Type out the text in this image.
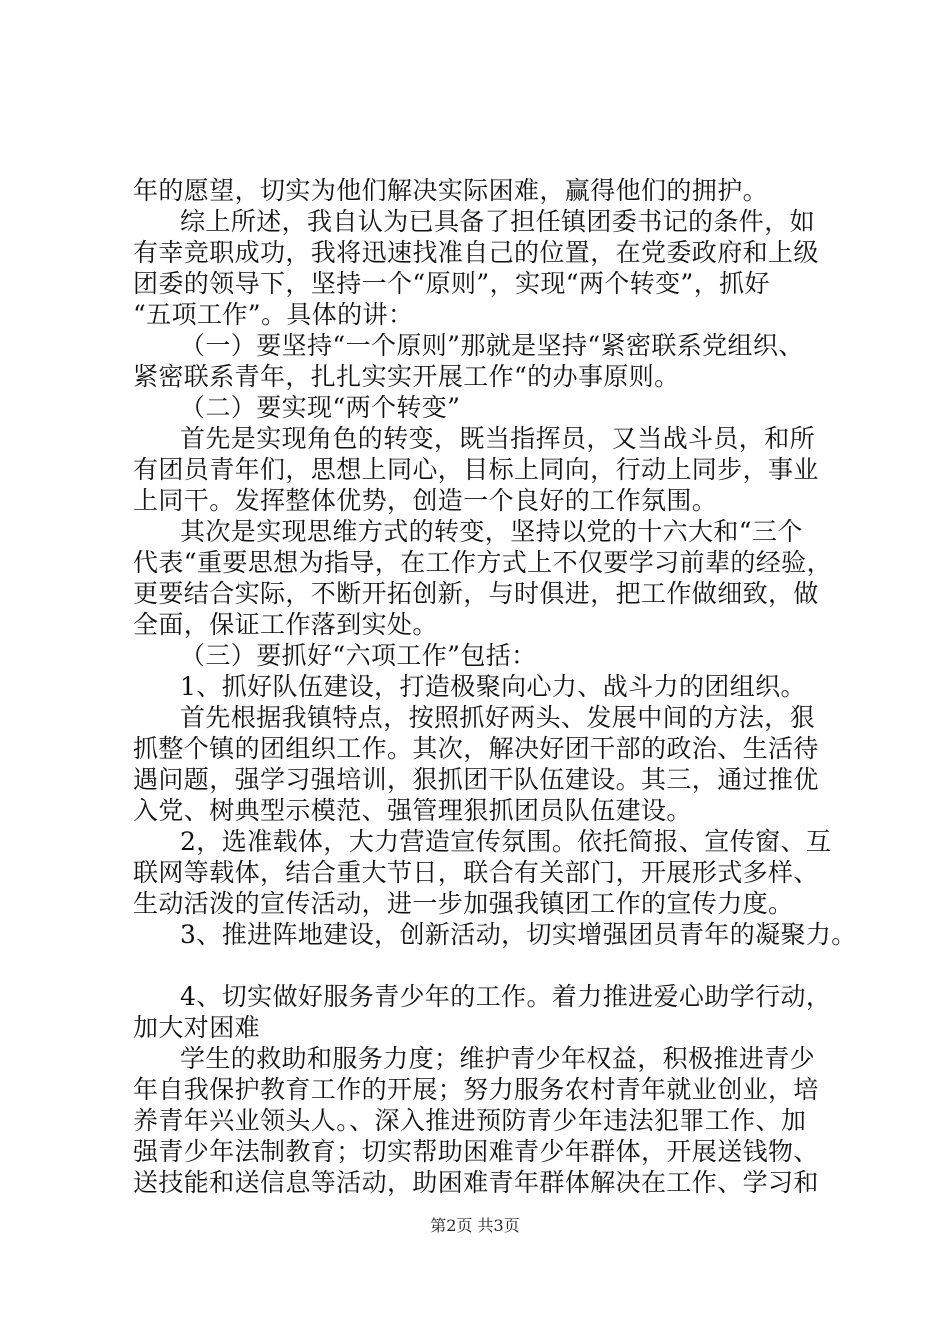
年的愿望，切实为他们解决实际困难，赢得他们的拥护。
综上所述，我自认为已具备了担任镇团委书记的条件，如
有幸竞职成功，我将迅速找准自己的位置，在党委政府和上级
团委的领导下，坚持一个“原则”，实现“两个转变”，抓好
“五项工作”。具体的讲：
（一）要坚持“一个原则”那就是坚持“紧密联系党组织、
紧密联系青年，扎扎实实开展工作“的办事原则。
（二）要实现“两个转变”
首先是实现角色的转变，既当指挥员，又当战斗员，和所
有团员青年们，思想上同心，目标上同向，行动上同步，事业
上同干。发挥整体优势，创造一个良好的工作氛围。
其次是实现思维方式的转变，坚持以党的十六大和“三个
代表“重要思想为指导，在工作方式上不仅要学习前辈的经验，
更要结合实际，不断开拓创新，与时俱进，把工作做细致，做
全面，保证工作落到实处。
（三）要抓好“六项工作”包括：
1、抓好队伍建设，打造极聚向心力、战斗力的团组织。
首先根据我镇特点，按照抓好两头、发展中间的方法，狠
抓整个镇的团组织工作。其次，解决好团干部的政治、生活待
遇问题，强学习强培训，狠抓团干队伍建设。其三，通过推优
入党、树典型示模范、强管理狠抓团员队伍建设。
2，选准载体，大力营造宣传氛围。依托简报、宣传窗、互
联网等载体，结合重大节日，联合有关部门，开展形式多样、
生动活泼的宣传活动，进一步加强我镇团工作的宣传力度。
3、推进阵地建设，创新活动，切实增强团员青年的凝聚力。
4、切实做好服务青少年的工作。着力推进爱心助学行动，
加大对困难
学生的救助和服务力度；维护青少年权益，积极推进青少
年自我保护教育工作的开展；努力服务农村青年就业创业，培
养青年兴业领头人。、深入推进预防青少年违法犯罪工作、加
强青少年法制教育；切实帮助困难青少年群体，开展送钱物、
送技能和送信息等活动，助困难青年群体解决在工作、学习和
第2页 共3页
